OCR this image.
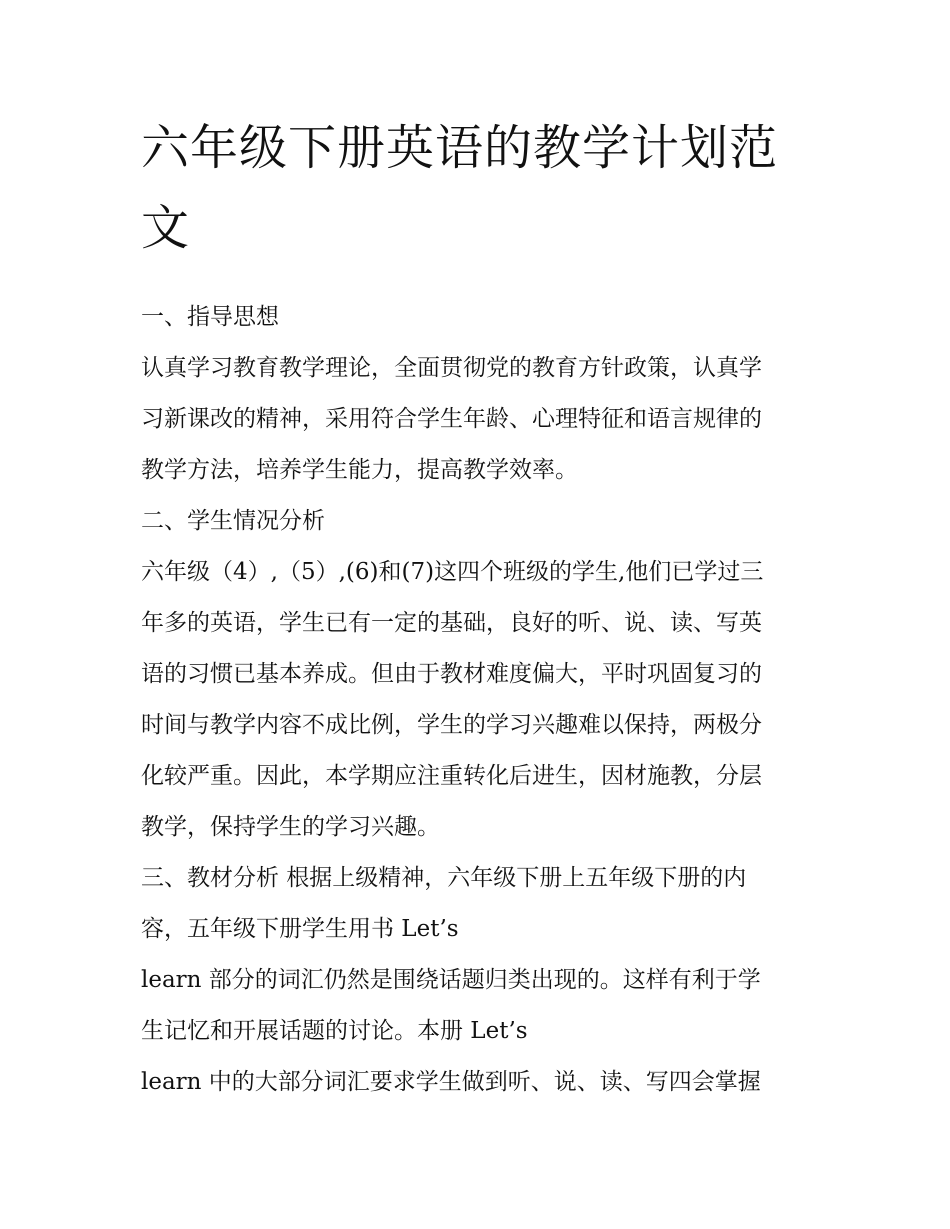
六年级下册英语的教学计划范
文

一、指导思想

认真学习教育教学理论，全面贯彻党的教育方针政策，认真学

习新课改的精神，采用符合学生年龄、心理特征和语言规律的

教学方法，培养学生能力，提高教学效率。

二、学生情况分析

六年级（4）,（5）,(6)和(7)这四个班级的学生,他们已学过三

年多的英语，学生已有一定的基础，良好的听、说、读、写英

语的习惯已基本养成。但由于教材难度偏大，平时巩固复习的

时间与教学内容不成比例，学生的学习兴趣难以保持，两极分

化较严重。因此，本学期应注重转化后进生，因材施教，分层

教学，保持学生的学习兴趣。

三、教材分析 根据上级精神，六年级下册上五年级下册的内

容，五年级下册学生用书 Let’s

learn 部分的词汇仍然是围绕话题归类出现的。这样有利于学

生记忆和开展话题的讨论。本册 Let’s

learn 中的大部分词汇要求学生做到听、说、读、写四会掌握
